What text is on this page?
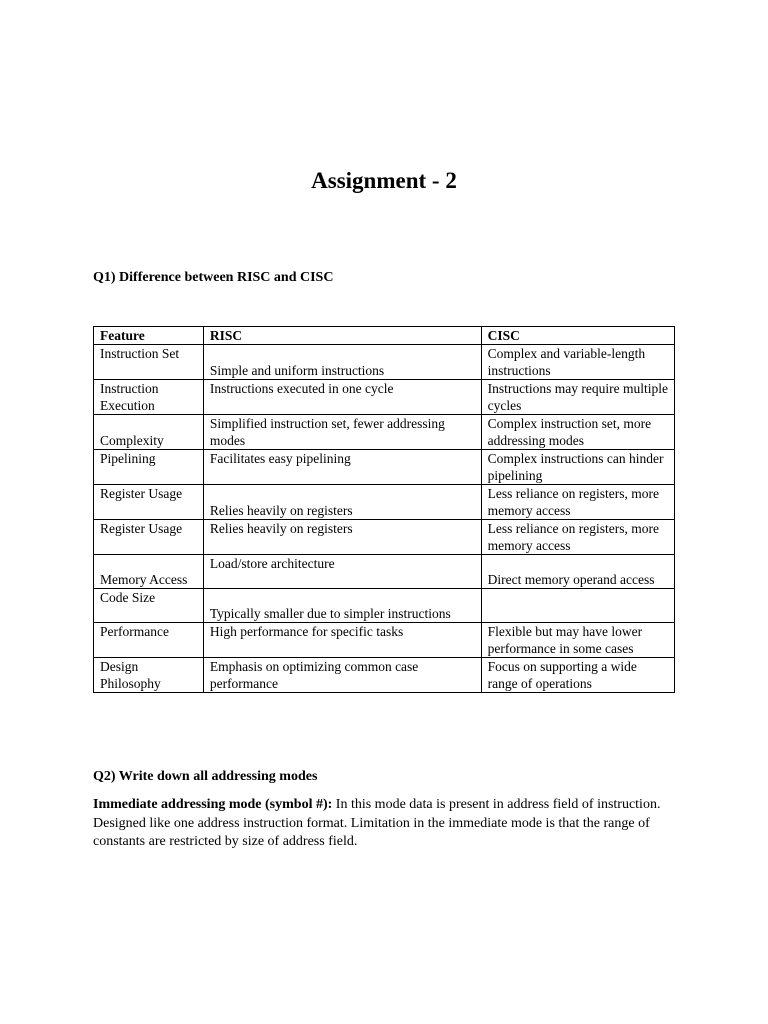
Assignment - 2
Q1) Difference between RISC and CISC
Feature	RISC	CISC
Instruction Set	Simple and uniform instructions	Complex and variable-length instructions
Instruction Execution	Instructions executed in one cycle	Instructions may require multiple cycles
Complexity	Simplified instruction set, fewer addressing modes	Complex instruction set, more addressing modes
Pipelining	Facilitates easy pipelining	Complex instructions can hinder pipelining
Register Usage	Relies heavily on registers	Less reliance on registers, more memory access
Register Usage	Relies heavily on registers	Less reliance on registers, more memory access
Memory Access	Load/store architecture	Direct memory operand access
Code Size	Typically smaller due to simpler instructions	
Performance	High performance for specific tasks	Flexible but may have lower performance in some cases
Design Philosophy	Emphasis on optimizing common case performance	Focus on supporting a wide range of operations
Q2) Write down all addressing modes
Immediate addressing mode (symbol #): In this mode data is present in address field of instruction. Designed like one address instruction format. Limitation in the immediate mode is that the range of constants are restricted by size of address field.
